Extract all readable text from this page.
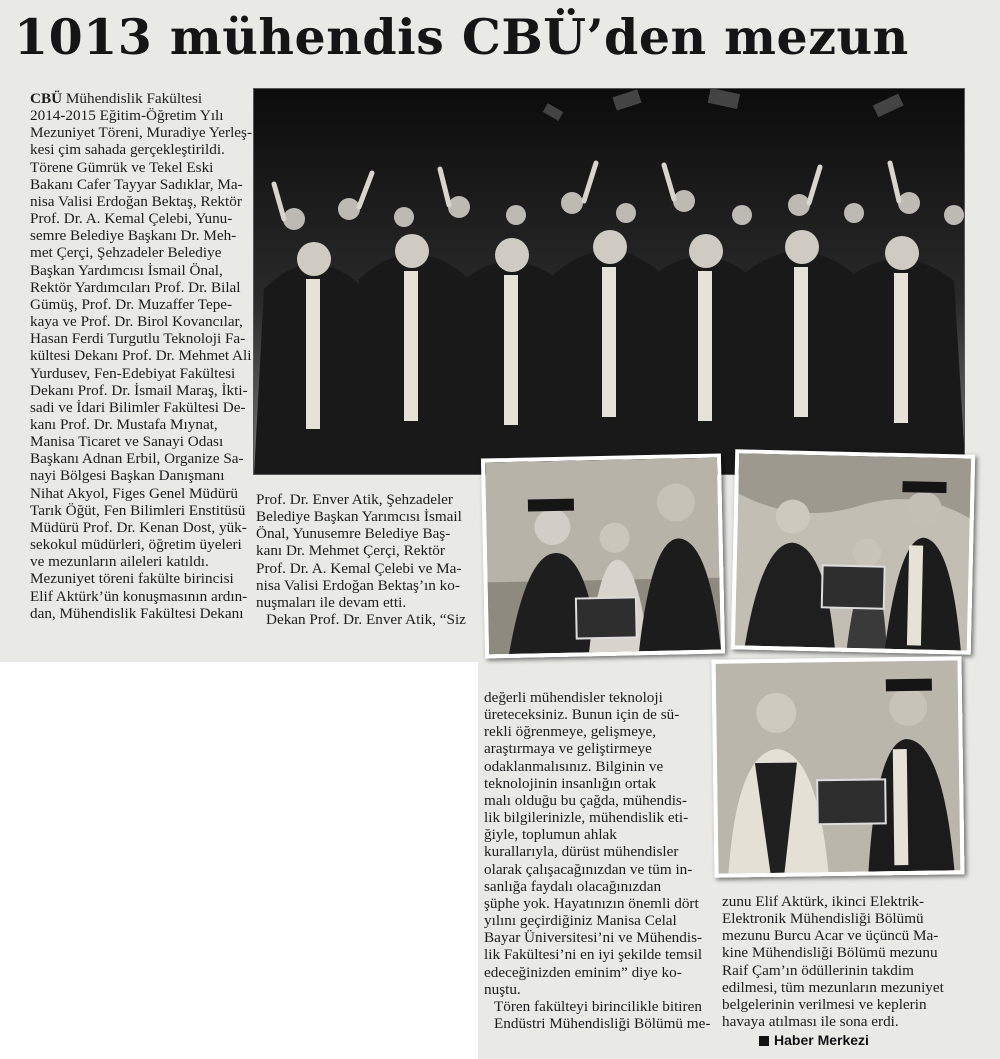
1013 mühendis CBÜ’den mezun

CBÜ Mühendislik Fakültesi
2014-2015 Eğitim-Öğretim Yılı
Mezuniyet Töreni, Muradiye Yerleş-
kesi çim sahada gerçekleştirildi.

Törene Gümrük ve Tekel Eski
Bakanı Cafer Tayyar Sadıklar, Ma-
nisa Valisi Erdoğan Bektaş, Rektör
Prof. Dr. A. Kemal Çelebi, Yunu-
semre Belediye Başkanı Dr. Meh-
met Çerçi, Şehzadeler Belediye
Başkan Yardımcısı İsmail Önal,
Rektör Yardımcıları Prof. Dr. Bilal
Gümüş, Prof. Dr. Muzaffer Tepe-
kaya ve Prof. Dr. Birol Kovancılar,
Hasan Ferdi Turgutlu Teknoloji Fa-
kültesi Dekanı Prof. Dr. Mehmet Ali
Yurdusev, Fen-Edebiyat Fakültesi
Dekanı Prof. Dr. İsmail Maraş, İkti-
sadi ve İdari Bilimler Fakültesi De-
kanı Prof. Dr. Mustafa Mıynat,
Manisa Ticaret ve Sanayi Odası
Başkanı Adnan Erbil, Organize Sa-
nayi Bölgesi Başkan Danışmanı
Nihat Akyol, Figes Genel Müdürü
Tarık Öğüt, Fen Bilimleri Enstitüsü
Müdürü Prof. Dr. Kenan Dost, yük-
sekokul müdürleri, öğretim üyeleri
ve mezunların aileleri katıldı.

Mezuniyet töreni fakülte birincisi
Elif Aktürk’ün konuşmasının ardın-
dan, Mühendislik Fakültesi Dekanı

Prof. Dr. Enver Atik, Şehzadeler
Belediye Başkan Yarımcısı İsmail
Önal, Yunusemre Belediye Baş-
kanı Dr. Mehmet Çerçi, Rektör
Prof. Dr. A. Kemal Çelebi ve Ma-
nisa Valisi Erdoğan Bektaş’ın ko-
nuşmaları ile devam etti.

Dekan Prof. Dr. Enver Atik, “Siz

değerli mühendisler teknoloji
üreteceksiniz. Bunun için de sü-
rekli öğrenmeye, gelişmeye,
araştırmaya ve geliştirmeye
odaklanmalısınız. Bilginin ve
teknolojinin insanlığın ortak
malı olduğu bu çağda, mühendis-
lik bilgilerinizle, mühendislik eti-
ğiyle, toplumun ahlak
kurallarıyla, dürüst mühendisler
olarak çalışacağınızdan ve tüm in-
sanlığa faydalı olacağınızdan
şüphe yok. Hayatınızın önemli dört
yılını geçirdiğiniz Manisa Celal
Bayar Üniversitesi’ni ve Mühendis-
lik Fakültesi’ni en iyi şekilde temsil
edeceğinizden eminim” diye ko-
nuştu.

Tören fakülteyi birincilikle bitiren
Endüstri Mühendisliği Bölümü me-

zunu Elif Aktürk, ikinci Elektrik-
Elektronik Mühendisliği Bölümü
mezunu Burcu Acar ve üçüncü Ma-
kine Mühendisliği Bölümü mezunu
Raif Çam’ın ödüllerinin takdim
edilmesi, tüm mezunların mezuniyet
belgelerinin verilmesi ve keplerin
havaya atılması ile sona erdi.

Haber Merkezi
